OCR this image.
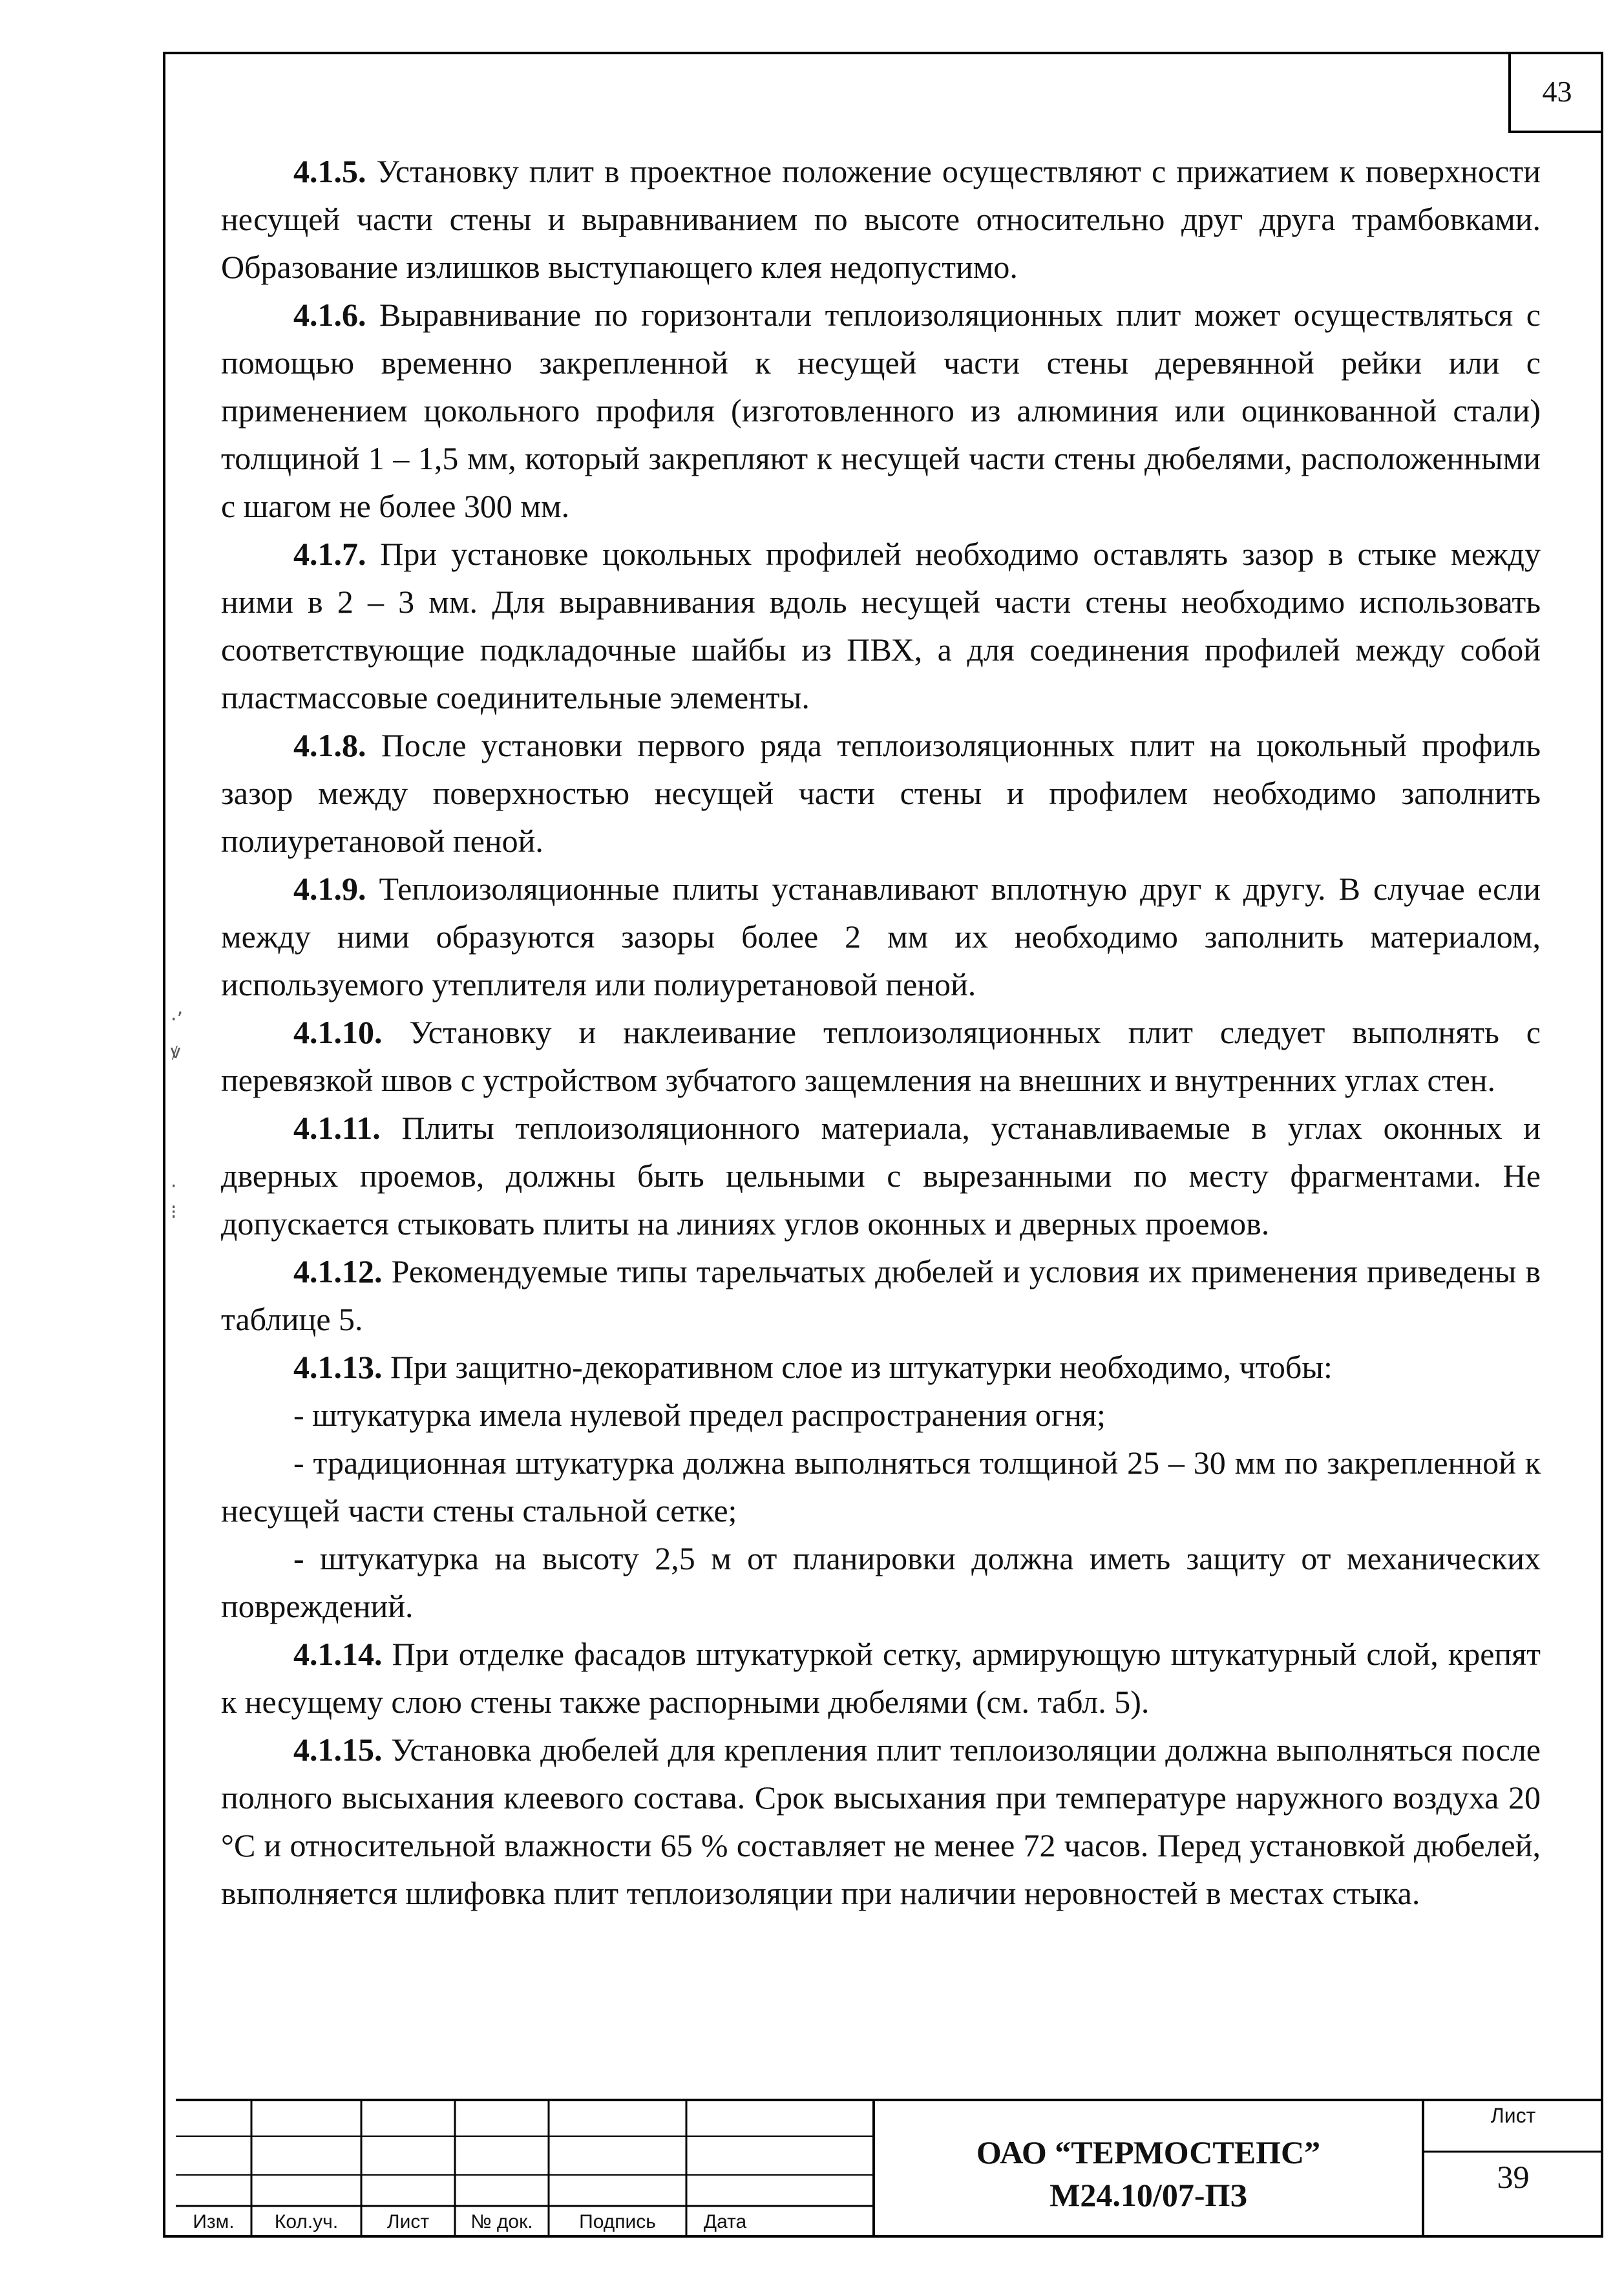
43
·ʼ
ꝟ
·
⁝

4.1.5. Установку плит в проектное положение осуществляют с прижатием к поверхности несущей части стены и выравниванием по высоте относительно друг друга трамбовками. Образование излишков выступающего клея недопустимо.

4.1.6. Выравнивание по горизонтали теплоизоляционных плит может осуществляться с помощью временно закрепленной к несущей части стены деревянной рейки или с применением цокольного профиля (изготовленного из алюминия или оцинкованной стали) толщиной 1 – 1,5 мм, который закрепляют к несущей части стены дюбелями, расположенными с шагом не более 300 мм.

4.1.7. При установке цокольных профилей необходимо оставлять зазор в стыке между ними в 2 – 3 мм. Для выравнивания вдоль несущей части стены необходимо использовать соответствующие подкладочные шайбы из ПВХ, а для соединения профилей между собой пластмассовые соединительные элементы.

4.1.8. После установки первого ряда теплоизоляционных плит на цокольный профиль зазор между поверхностью несущей части стены и профилем необходимо заполнить полиуретановой пеной.

4.1.9. Теплоизоляционные плиты устанавливают вплотную друг к другу. В случае если между ними образуются зазоры более 2 мм их необходимо заполнить материалом, используемого утеплителя или полиуретановой пеной.

4.1.10. Установку и наклеивание теплоизоляционных плит следует выполнять с перевязкой швов с устройством зубчатого защемления на внешних и внутренних углах стен.

4.1.11. Плиты теплоизоляционного материала, устанавливаемые в углах оконных и дверных проемов, должны быть цельными с вырезанными по месту фрагментами. Не допускается стыковать плиты на линиях углов оконных и дверных проемов.

4.1.12. Рекомендуемые типы тарельчатых дюбелей и условия их применения приведены в таблице 5.

4.1.13. При защитно-декоративном слое из штукатурки необходимо, чтобы:

- штукатурка имела нулевой предел распространения огня;

- традиционная штукатурка должна выполняться толщиной 25 – 30 мм по закрепленной к несущей части стены стальной сетке;

- штукатурка на высоту 2,5 м от планировки должна иметь защиту от механических повреждений.

4.1.14. При отделке фасадов штукатуркой сетку, армирующую штукатурный слой, крепят к несущему слою стены также распорными дюбелями (см. табл. 5).

4.1.15. Установка дюбелей для крепления плит теплоизоляции должна выполняться после полного высыхания клеевого состава. Срок высыхания при температуре наружного воздуха 20 °С и относительной влажности 65 % составляет не менее 72 часов. Перед установкой дюбелей, выполняется шлифовка плит теплоизоляции при наличии неровностей в местах стыка.

Изм.	Кол.уч.	Лист	№ док.	Подпись	Дата
ОАО “ТЕРМОСТЕПС”
М24.10/07-ПЗ
Лист
39
